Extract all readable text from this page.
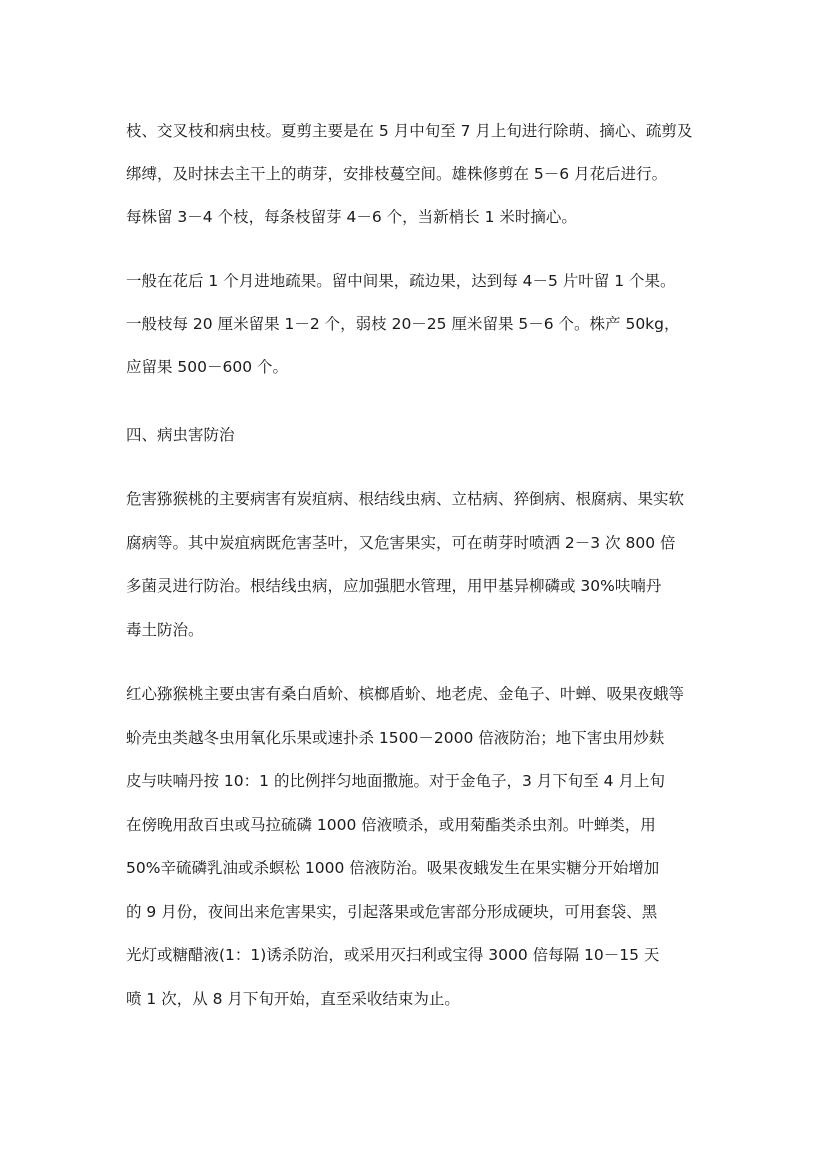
枝、交叉枝和病虫枝。夏剪主要是在 5 月中旬至 7 月上旬进行除萌、摘心、疏剪及
绑缚，及时抹去主干上的萌芽，安排枝蔓空间。雄株修剪在 5－6 月花后进行。
每株留 3－4 个枝，每条枝留芽 4－6 个，当新梢长 1 米时摘心。
一般在花后 1 个月进地疏果。留中间果，疏边果，达到每 4－5 片叶留 1 个果。
一般枝每 20 厘米留果 1－2 个，弱枝 20－25 厘米留果 5－6 个。株产 50kg，
应留果 500－600 个。
四、病虫害防治
危害猕猴桃的主要病害有炭疽病、根结线虫病、立枯病、猝倒病、根腐病、果实软
腐病等。其中炭疽病既危害茎叶，又危害果实，可在萌芽时喷洒 2－3 次 800 倍
多菌灵进行防治。根结线虫病，应加强肥水管理，用甲基异柳磷或 30%呋喃丹
毒土防治。
红心猕猴桃主要虫害有桑白盾蚧、槟榔盾蚧、地老虎、金龟子、叶蝉、吸果夜蛾等
蚧壳虫类越冬虫用氧化乐果或速扑杀 1500－2000 倍液防治；地下害虫用炒麸
皮与呋喃丹按 10：1 的比例拌匀地面撒施。对于金龟子，3 月下旬至 4 月上旬
在傍晚用敌百虫或马拉硫磷 1000 倍液喷杀，或用菊酯类杀虫剂。叶蝉类，用
50%辛硫磷乳油或杀螟松 1000 倍液防治。吸果夜蛾发生在果实糖分开始增加
的 9 月份，夜间出来危害果实，引起落果或危害部分形成硬块，可用套袋、黑
光灯或糖醋液(1：1)诱杀防治，或采用灭扫利或宝得 3000 倍每隔 10－15 天
喷 1 次，从 8 月下旬开始，直至采收结束为止。
